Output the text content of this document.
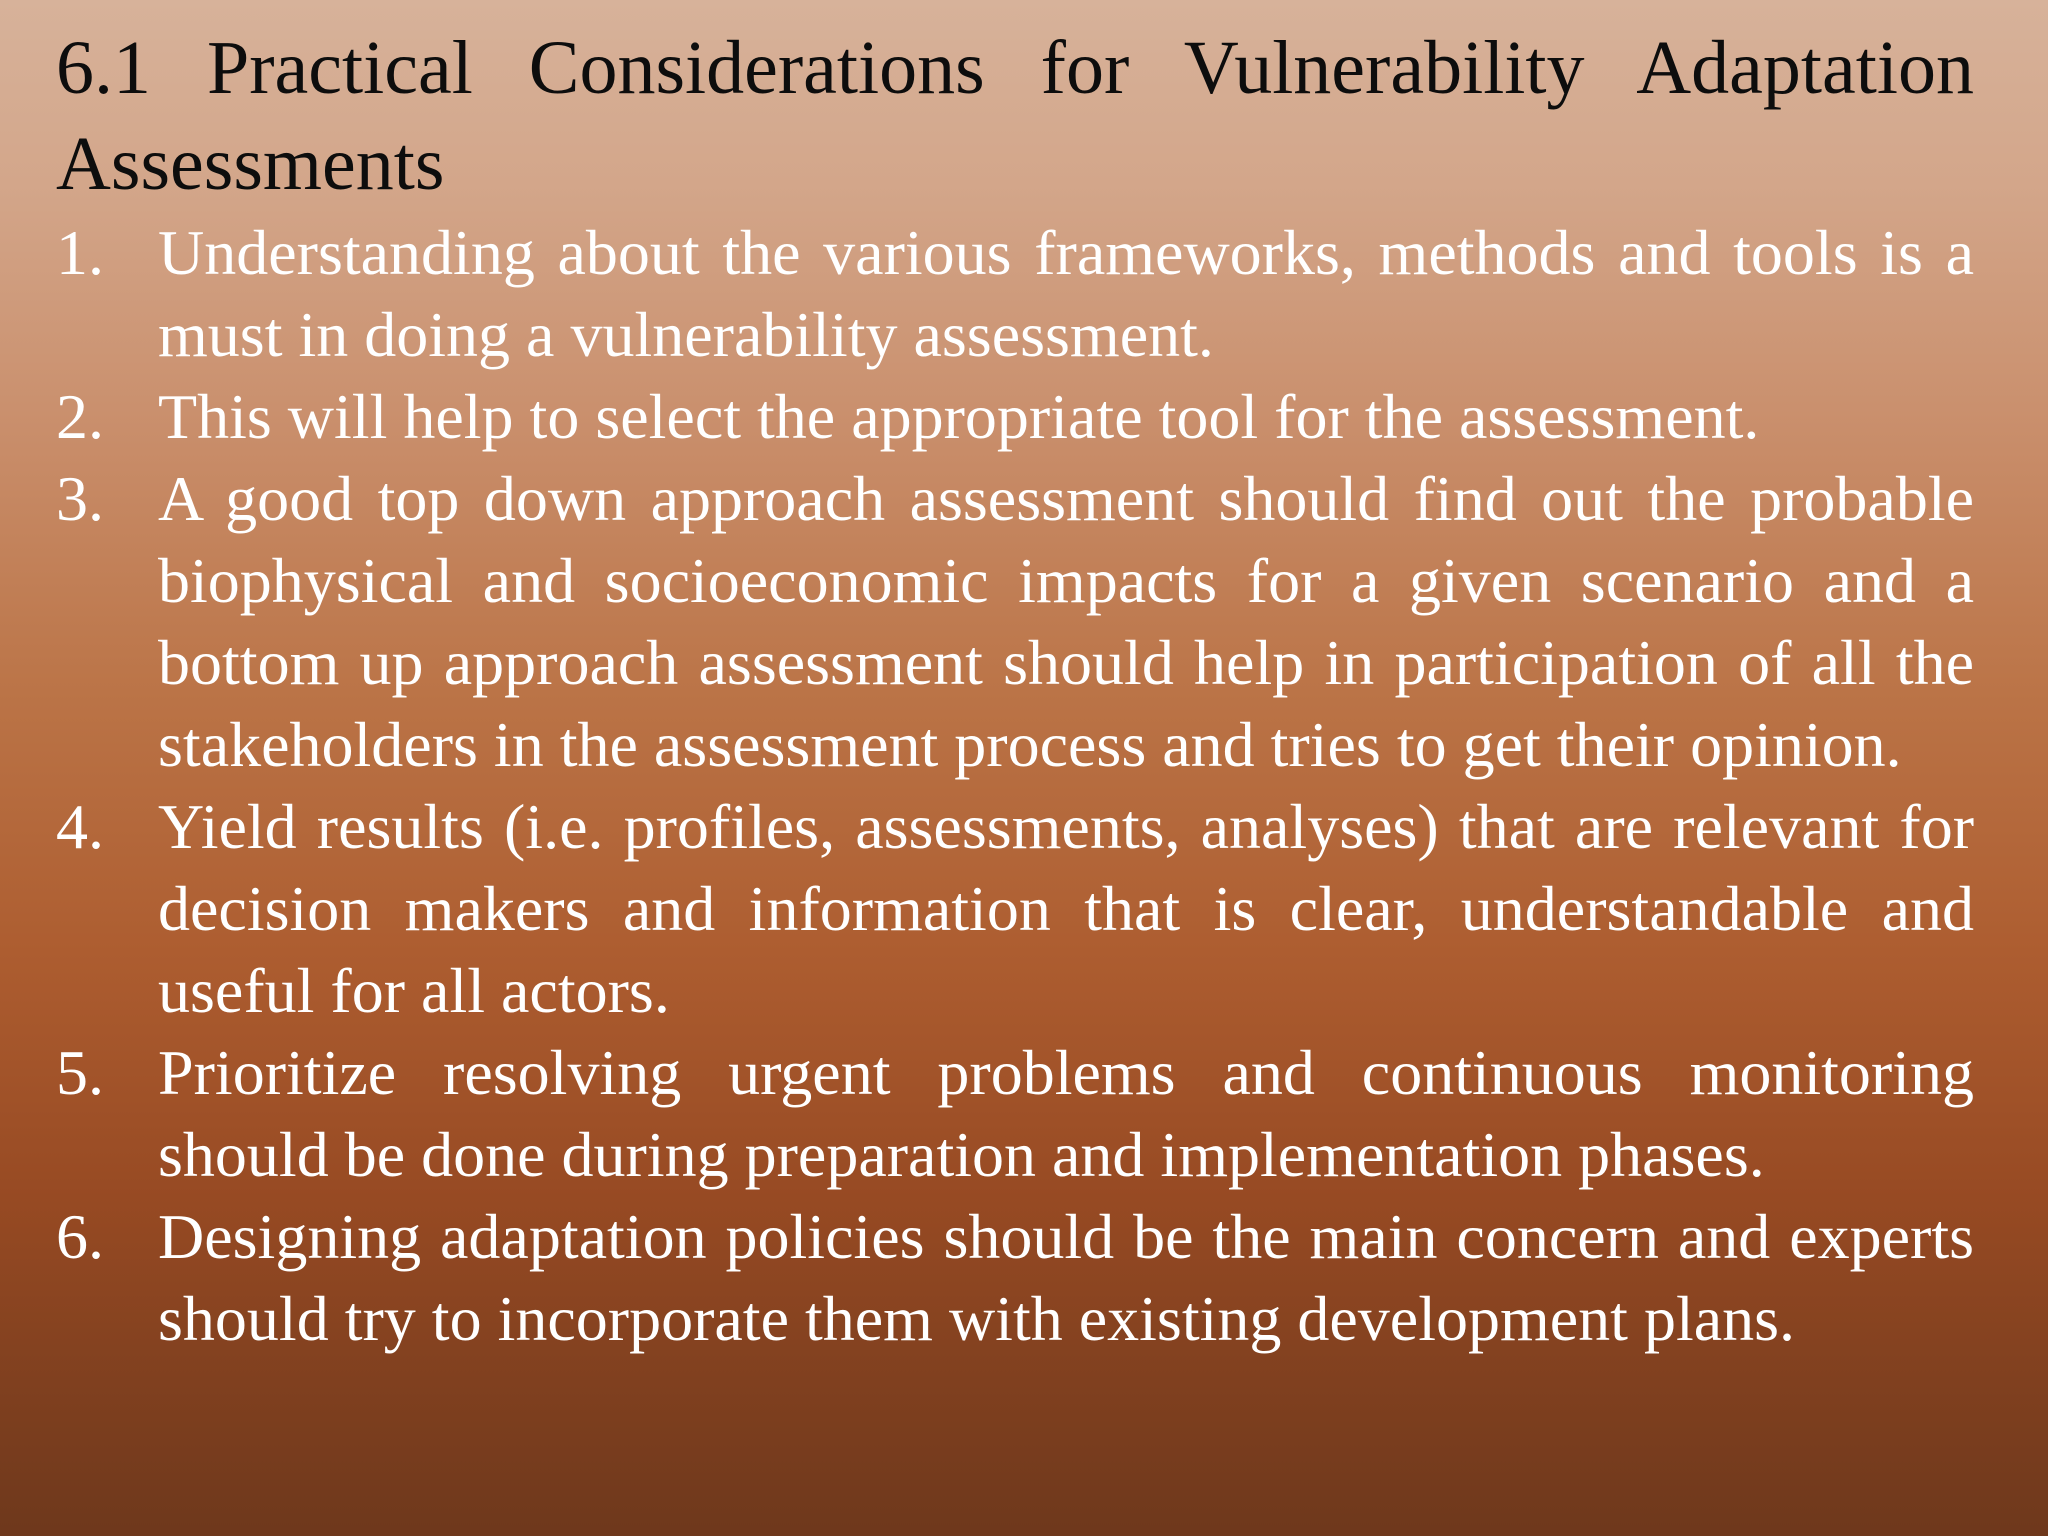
6.1 Practical Considerations for Vulnerability Adaptation Assessments
1. Understanding about the various frameworks, methods and tools is a must in doing a vulnerability assessment.
2. This will help to select the appropriate tool for the assessment.
3. A good top down approach assessment should find out the probable biophysical and socioeconomic impacts for a given scenario and a bottom up approach assessment should help in participation of all the stakeholders in the assessment process and tries to get their opinion.
4. Yield results (i.e. profiles, assessments, analyses) that are relevant for decision makers and information that is clear, understandable and useful for all actors.
5. Prioritize resolving urgent problems and continuous monitoring should be done during preparation and implementation phases.
6. Designing adaptation policies should be the main concern and experts should try to incorporate them with existing development plans.
